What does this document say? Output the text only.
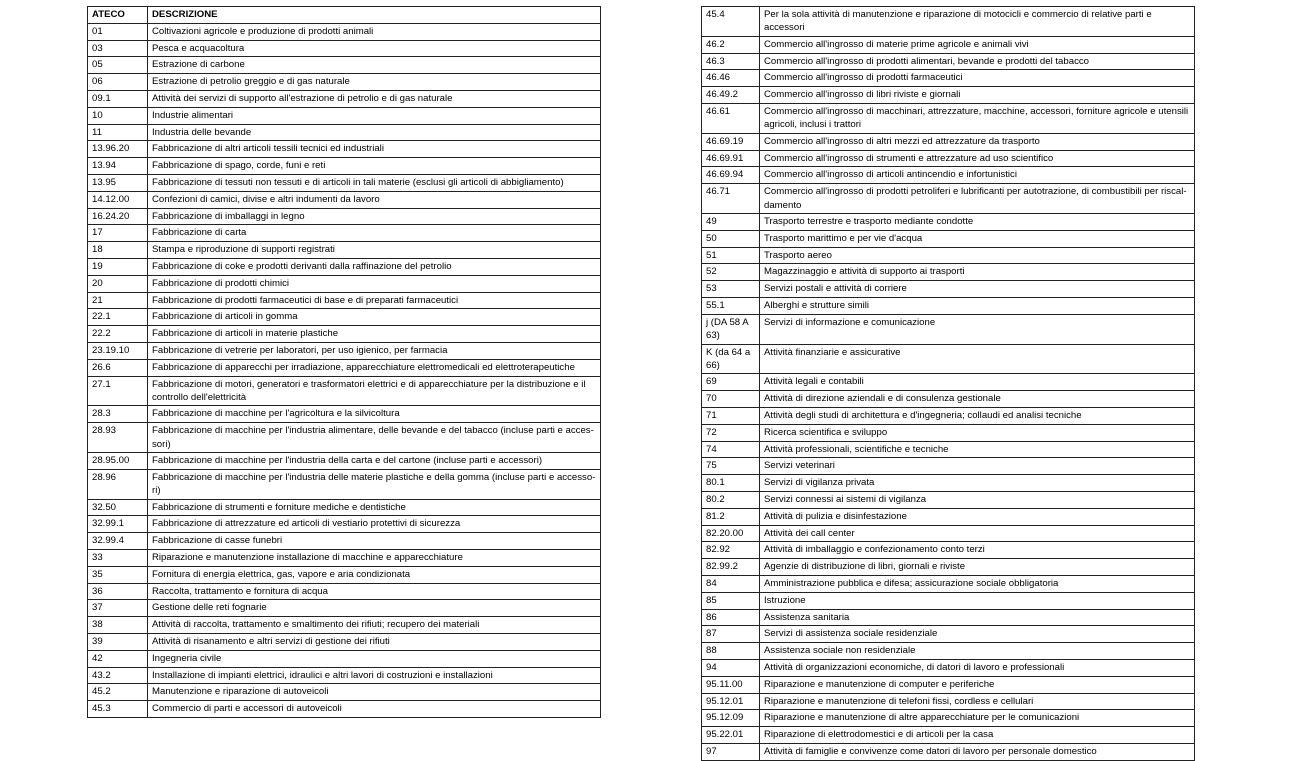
ATECO	DESCRIZIONE
01	Coltivazioni agricole e produzione di prodotti animali
03	Pesca e acquacoltura
05	Estrazione di carbone
06	Estrazione di petrolio greggio e di gas naturale
09.1	Attività dei servizi di supporto all'estrazione di petrolio e di gas naturale
10	Industrie alimentari
11	Industria delle bevande
13.96.20	Fabbricazione di altri articoli tessili tecnici ed industriali
13.94	Fabbricazione di spago, corde, funi e reti
13.95	Fabbricazione di tessuti non tessuti e di articoli in tali materie (esclusi gli articoli di abbigliamento)
14.12.00	Confezioni di camici, divise e altri indumenti da lavoro
16.24.20	Fabbricazione di imballaggi in legno
17	Fabbricazione di carta
18	Stampa e riproduzione di supporti registrati
19	Fabbricazione di coke e prodotti derivanti dalla raffinazione del petrolio
20	Fabbricazione di prodotti chimici
21	Fabbricazione di prodotti farmaceutici di base e di preparati farmaceutici
22.1	Fabbricazione di articoli in gomma
22.2	Fabbricazione di articoli in materie plastiche
23.19.10	Fabbricazione di vetrerie per laboratori, per uso igienico, per farmacia
26.6	Fabbricazione di apparecchi per irradiazione, apparecchiature elettromedicali ed elettroterapeutiche
27.1	Fabbricazione di motori, generatori e trasformatori elettrici e di apparecchiature per la distribuzione e il controllo dell'elettricità
28.3	Fabbricazione di macchine per l'agricoltura e la silvicoltura
28.93	Fabbricazione di macchine per l'industria alimentare, delle bevande e del tabacco (incluse parti e acces-sori)
28.95.00	Fabbricazione di macchine per l'industria della carta e del cartone (incluse parti e accessori)
28.96	Fabbricazione di macchine per l'industria delle materie plastiche e della gomma (incluse parti e accesso-ri)
32.50	Fabbricazione di strumenti e forniture mediche e dentistiche
32.99.1	Fabbricazione di attrezzature ed articoli di vestiario protettivi di sicurezza
32.99.4	Fabbricazione di casse funebri
33	Riparazione e manutenzione installazione di macchine e apparecchiature
35	Fornitura di energia elettrica, gas, vapore e aria condizionata
36	Raccolta, trattamento e fornitura di acqua
37	Gestione delle reti fognarie
38	Attività di raccolta, trattamento e smaltimento dei rifiuti; recupero dei materiali
39	Attività di risanamento e altri servizi di gestione dei rifiuti
42	Ingegneria civile
43.2	Installazione di impianti elettrici, idraulici e altri lavori di costruzioni e installazioni
45.2	Manutenzione e riparazione di autoveicoli
45.3	Commercio di parti e accessori di autoveicoli
45.4	Per la sola attività di manutenzione e riparazione di motocicli e commercio di relative parti e accessori
46.2	Commercio all'ingrosso di materie prime agricole e animali vivi
46.3	Commercio all'ingrosso di prodotti alimentari, bevande e prodotti del tabacco
46.46	Commercio all'ingrosso di prodotti farmaceutici
46.49.2	Commercio all'ingrosso di libri riviste e giornali
46.61	Commercio all'ingrosso di macchinari, attrezzature, macchine, accessori, forniture agricole e utensili agricoli, inclusi i trattori
46.69.19	Commercio all'ingrosso di altri mezzi ed attrezzature da trasporto
46.69.91	Commercio all'ingrosso di strumenti e attrezzature ad uso scientifico
46.69.94	Commercio all'ingrosso di articoli antincendio e infortunistici
46.71	Commercio all'ingrosso di prodotti petroliferi e lubrificanti per autotrazione, di combustibili per riscal-damento
49	Trasporto terrestre e trasporto mediante condotte
50	Trasporto marittimo e per vie d'acqua
51	Trasporto aereo
52	Magazzinaggio e attività di supporto ai trasporti
53	Servizi postali e attività di corriere
55.1	Alberghi e strutture simili
j (DA 58 A 63)	Servizi di informazione e comunicazione
K (da 64 a 66)	Attività finanziarie e assicurative
69	Attività legali e contabili
70	Attività di direzione aziendali e di consulenza gestionale
71	Attività degli studi di architettura e d'ingegneria; collaudi ed analisi tecniche
72	Ricerca scientifica e sviluppo
74	Attività professionali, scientifiche e tecniche
75	Servizi veterinari
80.1	Servizi di vigilanza privata
80.2	Servizi connessi ai sistemi di vigilanza
81.2	Attività di pulizia e disinfestazione
82.20.00	Attività dei call center
82.92	Attività di imballaggio e confezionamento conto terzi
82.99.2	Agenzie di distribuzione di libri, giornali e riviste
84	Amministrazione pubblica e difesa; assicurazione sociale obbligatoria
85	Istruzione
86	Assistenza sanitaria
87	Servizi di assistenza sociale residenziale
88	Assistenza sociale non residenziale
94	Attività di organizzazioni economiche, di datori di lavoro e professionali
95.11.00	Riparazione e manutenzione di computer e periferiche
95.12.01	Riparazione e manutenzione di telefoni fissi, cordless e cellulari
95.12.09	Riparazione e manutenzione di altre apparecchiature per le comunicazioni
95.22.01	Riparazione di elettrodomestici e di articoli per la casa
97	Attività di famiglie e convivenze come datori di lavoro per personale domestico
